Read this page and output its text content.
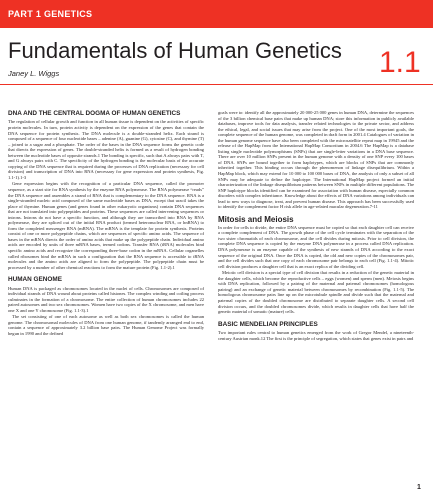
PART 1 GENETICS
Fundamentals of Human Genetics
Janey L. Wiggs	1.1
DNA AND THE CENTRAL DOGMA OF HUMAN GENETICS

The regulation of cellular growth and function in all human tissue is dependent on the activities of specific protein molecules. In turn, protein activity is dependent on the expression of the genes that contain the DNA sequence for protein synthesis. The DNA molecule is a double-stranded helix. Each strand is composed of a sequence of four nucleotide bases – adenine (A), guanine (G), cytosine (C), and thymine (T) – joined to a sugar and a phosphate. The order of the bases in the DNA sequence forms the genetic code that directs the expression of genes. The double-stranded helix is formed as a result of hydrogen bonding between the nucleotide bases of opposite strands.1 The bonding is specific, such that A always pairs with T, and G always pairs with C. The specificity of the hydrogen bonding is the molecular basis of the accurate copying of the DNA sequence that is required during the processes of DNA replication (necessary for cell division) and transcription of DNA into RNA (necessary for gene expression and protein synthesis, Fig. 1.1-1).1-3

Gene expression begins with the recognition of a particular DNA sequence, called the promoter sequence, as a start site for RNA synthesis by the enzyme RNA polymerase. The RNA polymerase “reads” the DNA sequence and assembles a strand of RNA that is complementary to the DNA sequence. RNA is a single-stranded nucleic acid composed of the same nucleotide bases as DNA, except that uracil takes the place of thymine. Human genes (and genes found in other eukaryotic organisms) contain DNA sequences that are not translated into polypeptides and proteins. These sequences are called intervening sequences or introns. Introns do not have a specific function, and although they are transcribed into RNA by RNA polymerase, they are spliced out of the initial RNA product (termed heteronuclear RNA, or hnRNA) to form the completed messenger RNA (mRNA). The mRNA is the template for protein synthesis. Proteins consist of one or more polypeptide chains, which are sequences of specific amino acids. The sequence of bases in the mRNA directs the order of amino acids that make up the polypeptide chain. Individual amino acids are encoded by units of three mRNA bases, termed codons. Transfer RNA (tRNA) molecules bind specific amino acids and recognize the corresponding three-base codon in the mRNA. Cellular organelles called ribosomes bind the mRNA in such a configuration that the RNA sequence is accessible to tRNA molecules and the amino acids are aligned to form the polypeptide. The polypeptide chain must be processed by a number of other chemical reactions to form the mature protein (Fig. 1.1-2).1

HUMAN GENOME

Human DNA is packaged as chromosomes located in the nuclei of cells. Chromosomes are composed of individual strands of DNA wound about proteins called histones. The complex winding and coiling process culminates in the formation of a chromosome. The entire collection of human chromosomes includes 22 paired autosomes and two sex chromosomes. Women have two copies of the X chromosome, and men have one X and one Y chromosome (Fig. 1.1-3).1

The set consisting of one of each autosome as well as both sex chromosomes is called the human genome. The chromosomal molecules of DNA from one human genome, if tandemly arranged end to end, contain a sequence of approximately 3.2 billion base pairs. The Human Genome Project was formally begun in 1990 and the defined

goals were to: identify all the approximately 20 000-25 000 genes in human DNA, determine the sequences of the 3 billion chemical base pairs that make up human DNA; store this information in publicly available databases, improve tools for data analysis, transfer related technologies to the private sector, and address the ethical, legal, and social issues that may arise from the project. One of the most important goals, the complete sequence of the human genome, was completed in draft form in 2001.4 Catalogues of variation in the human genome sequence have also been completed with the microsatellite repeat map in 19945 and the release of the HapMap from the International HapMap Consortium in 2004.6 The HapMap is a database listing single nucleotide polymorphisms (SNPs) that are single-letter variations in a DNA base sequence. There are over 10 million SNPs present in the human genome with a density of one SNP every 100 bases of DNA. SNPs are bound together to form haplotypes, which are blocks of SNPs that are commonly inherited together. This binding occurs through the phenomenon of linkage disequilibrium. Within a HapMap block, which may extend for 10 000 to 100 000 bases of DNA, the analysis of only a subset of all SNPs may be adequate to define the haplotype. The International HapMap project formed an initial characterization of the linkage disequilibrium patterns between SNPs in multiple different populations. The SNP haplotype blocks identified can be examined for association with human disease, especially common disorders with complex inheritance. Knowledge about the effects of DNA variations among individuals can lead to new ways to diagnose, treat, and prevent human disease. This approach has been successfully used to identify the complement factor H risk allele in age-related macular degeneration.7-11

Mitosis and Meiosis

In order for cells to divide, the entire DNA sequence must be copied so that each daughter cell can receive a complete complement of DNA. The growth phase of the cell cycle terminates with the separation of the two sister chromatids of each chromosome, and the cell divides during mitosis. Prior to cell division, the complete DNA sequence is copied by the enzyme DNA polymerase in a process called DNA replication. DNA polymerase is an enzyme capable of the synthesis of new strands of DNA according to the exact sequence of the original DNA. Once the DNA is copied, the old and new copies of the chromosomes pair, and the cell divides such that one copy of each chromosome pair belongs to each cell (Fig. 1.1-4). Mitotic cell division produces a daughter cell that is an exact replica of the dividing cell.

Meiotic cell division is a special type of cell division that results in a reduction of the genetic material in the daughter cells, which become the reproductive cells – eggs (women) and sperm (men). Meiosis begins with DNA replication, followed by a pairing of the maternal and paternal chromosomes (homologous pairing) and an exchange of genetic material between chromosomes by recombination (Fig. 1.1-5). The homologous chromosome pairs line up on the microtubule spindle and divide such that the maternal and paternal copies of the doubled chromosome are distributed to separate daughter cells. A second cell division occurs, and the doubled chromosomes divide, which results in daughter cells that have half the genetic material of somatic (mature) cells.

BASIC MENDELIAN PRINCIPLES

Two important rules central to human genetics emerged from the work of Gregor Mendel, a nineteenth-century Austrian monk.12 The first is the principle of segregation, which states that genes exist in pairs and

1
